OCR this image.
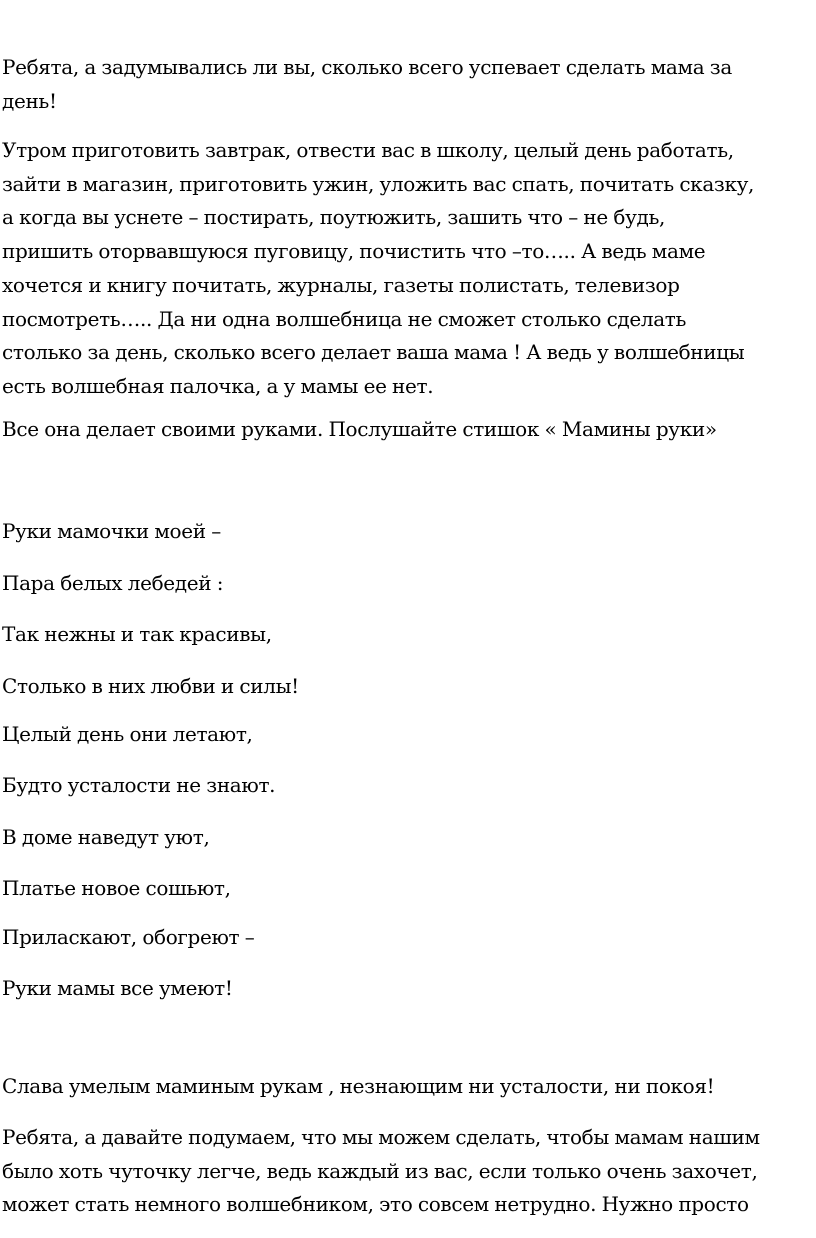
Ребята, а задумывались ли вы, сколько всего успевает сделать мама за
день!

Утром приготовить завтрак, отвести вас в школу, целый день работать,
зайти в магазин, приготовить ужин, уложить вас спать, почитать сказку,
а когда вы уснете – постирать, поутюжить, зашить что – не будь,
пришить оторвавшуюся пуговицу, почистить что –то….. А ведь маме
хочется и книгу почитать, журналы, газеты полистать, телевизор
посмотреть….. Да ни одна волшебница не сможет столько сделать
столько за день, сколько всего делает ваша мама ! А ведь у волшебницы
есть волшебная палочка, а у мамы ее нет.

Все она делает своими руками. Послушайте стишок « Мамины руки»

Руки мамочки моей –

Пара белых лебедей :

Так нежны и так красивы,

Столько в них любви и силы!

Целый день они летают,

Будто усталости не знают.

В доме наведут уют,

Платье новое сошьют,

Приласкают, обогреют –

Руки мамы все умеют!

Слава умелым маминым рукам , незнающим ни усталости, ни покоя!

Ребята, а давайте подумаем, что мы можем сделать, чтобы мамам нашим
было хоть чуточку легче, ведь каждый из вас, если только очень захочет,
может стать немного волшебником, это совсем нетрудно. Нужно просто
